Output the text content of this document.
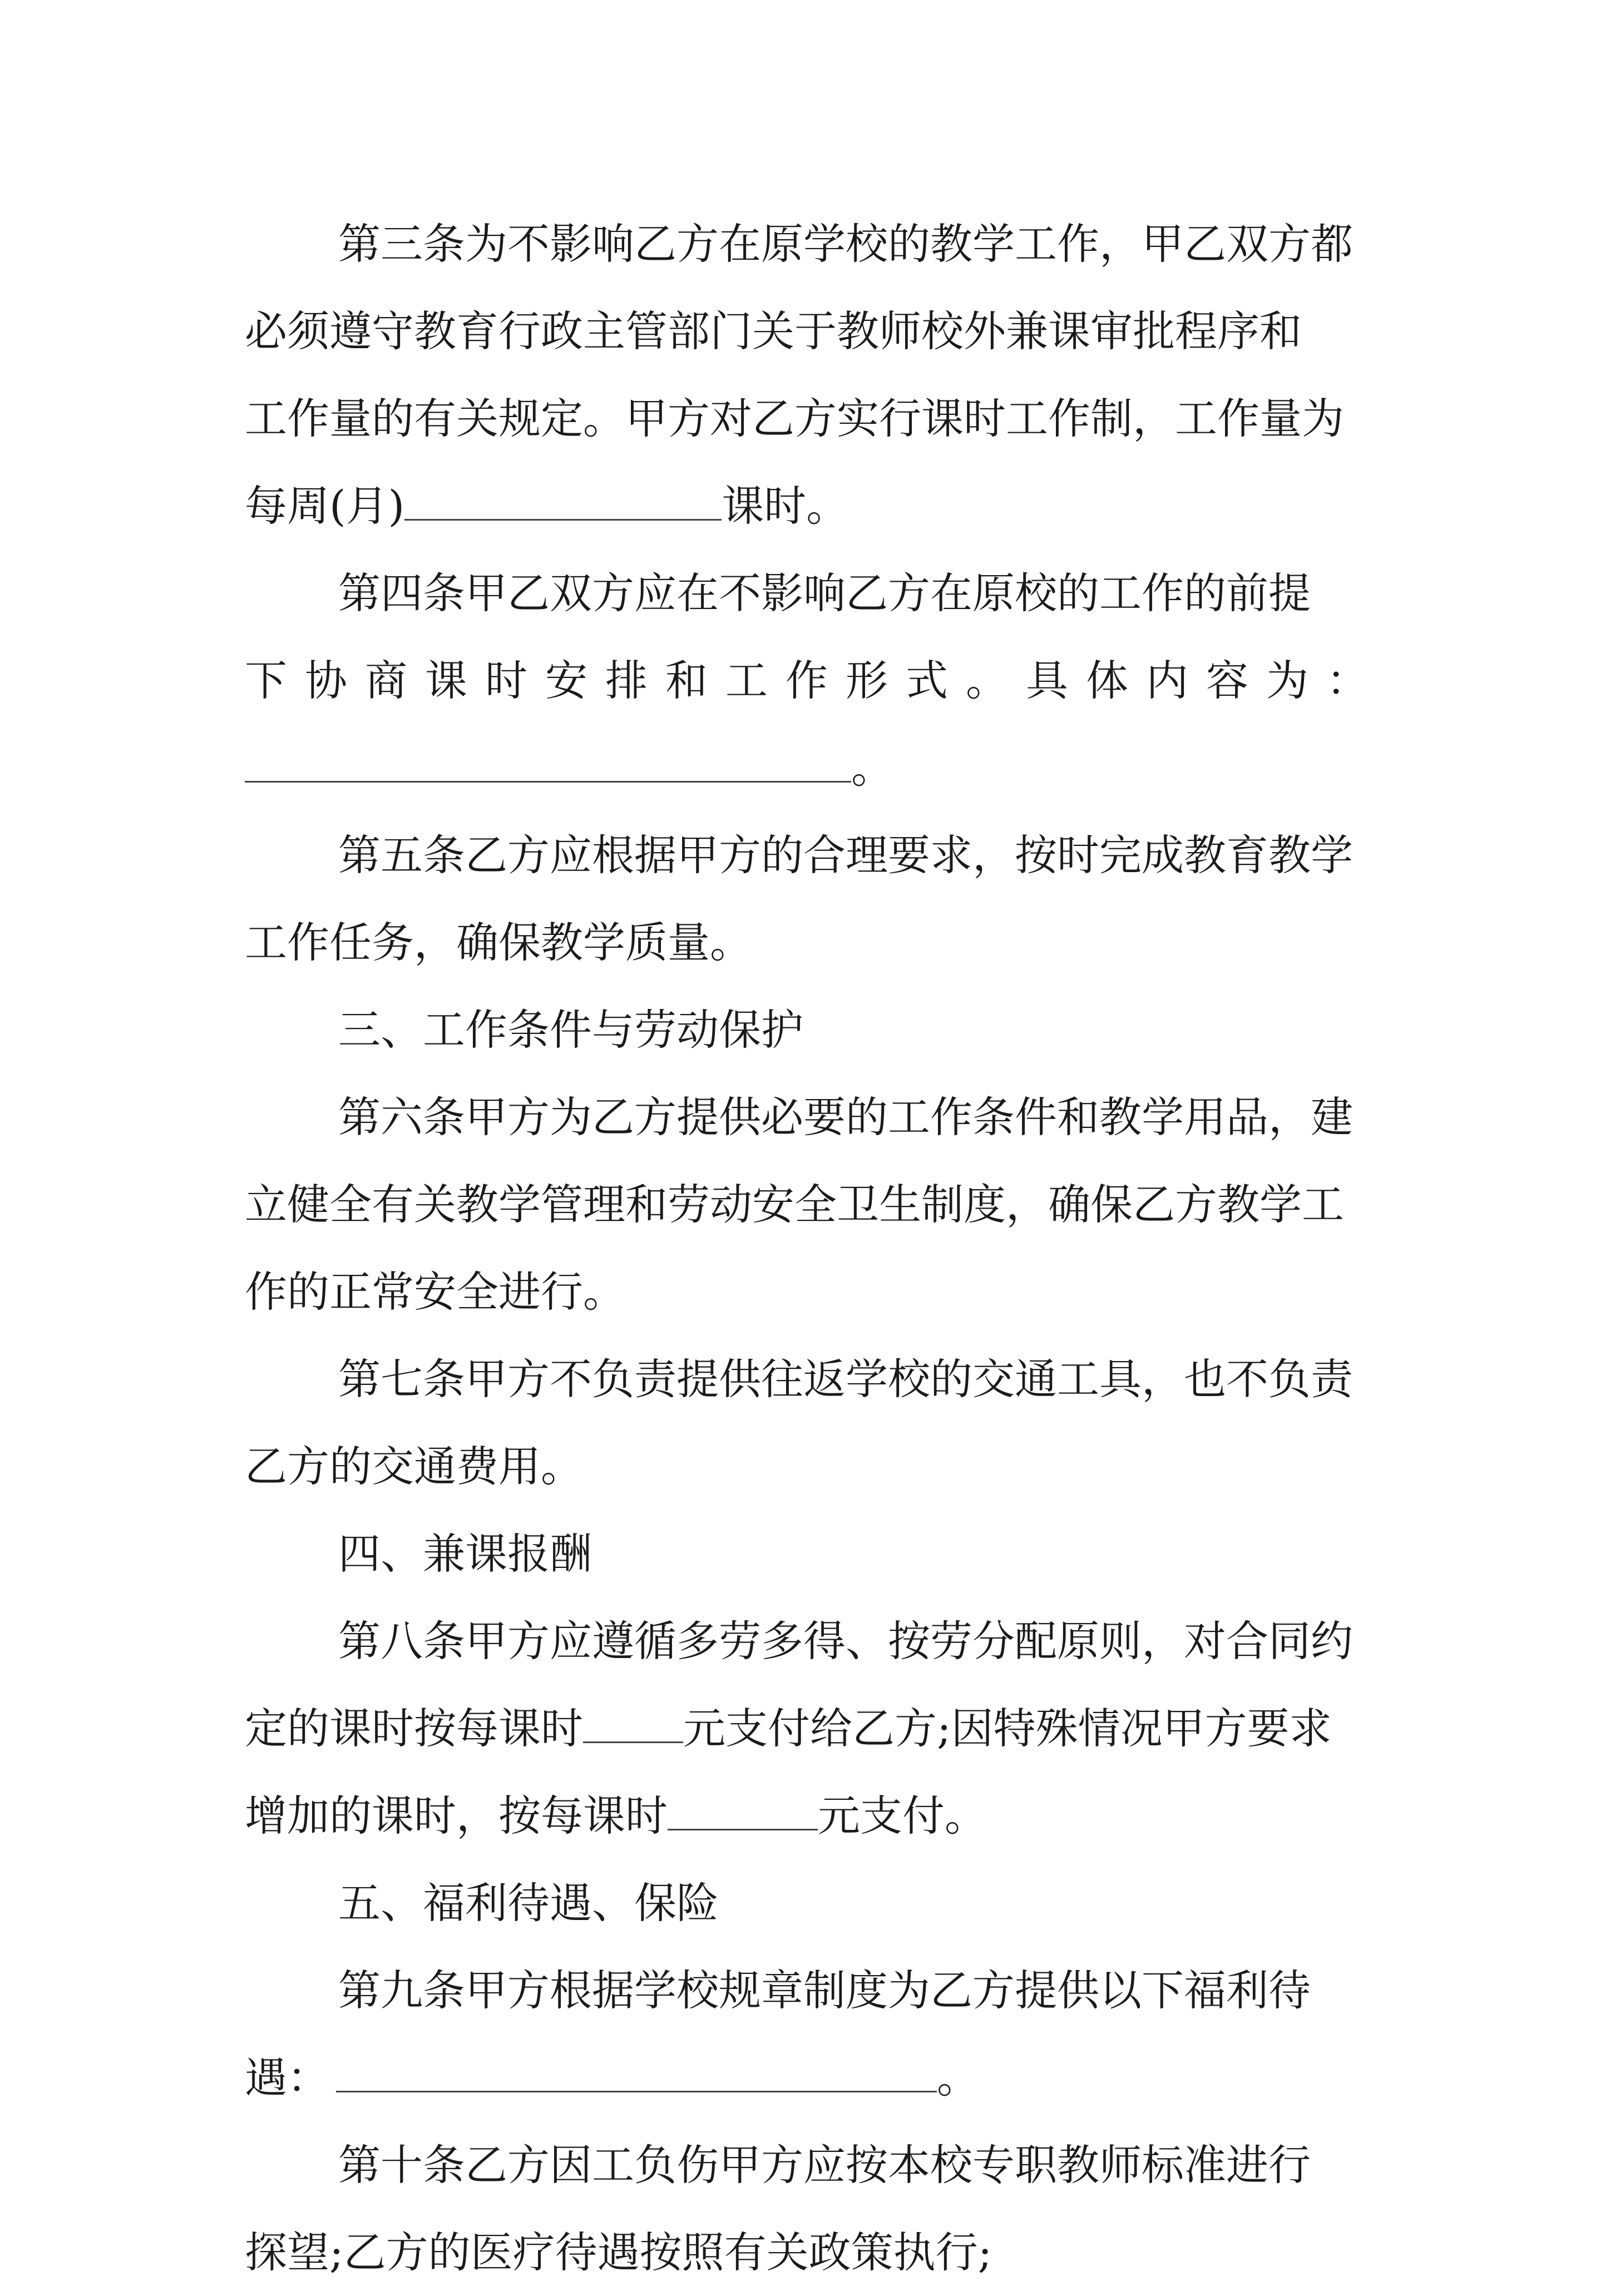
第三条为不影响乙方在原学校的教学工作，甲乙双方都
必须遵守教育行政主管部门关于教师校外兼课审批程序和
工作量的有关规定。甲方对乙方实行课时工作制，工作量为
每周(月)	课时。
第四条甲乙双方应在不影响乙方在原校的工作的前提
下 协 商 课 时 安 排 和 工 作 形 式 。 具 体 内 容 为 ：
。
第五条乙方应根据甲方的合理要求，按时完成教育教学
工作任务，确保教学质量。
三、工作条件与劳动保护
第六条甲方为乙方提供必要的工作条件和教学用品，建
立健全有关教学管理和劳动安全卫生制度，确保乙方教学工
作的正常安全进行。
第七条甲方不负责提供往返学校的交通工具，也不负责
乙方的交通费用。
四、兼课报酬
第八条甲方应遵循多劳多得、按劳分配原则，对合同约
定的课时按每课时 元支付给乙方;因特殊情况甲方要求
增加的课时，按每课时	元支付。
五、福利待遇、保险
第九条甲方根据学校规章制度为乙方提供以下福利待
遇：	。
第十条乙方因工负伤甲方应按本校专职教师标准进行
探望;乙方的医疗待遇按照有关政策执行;
